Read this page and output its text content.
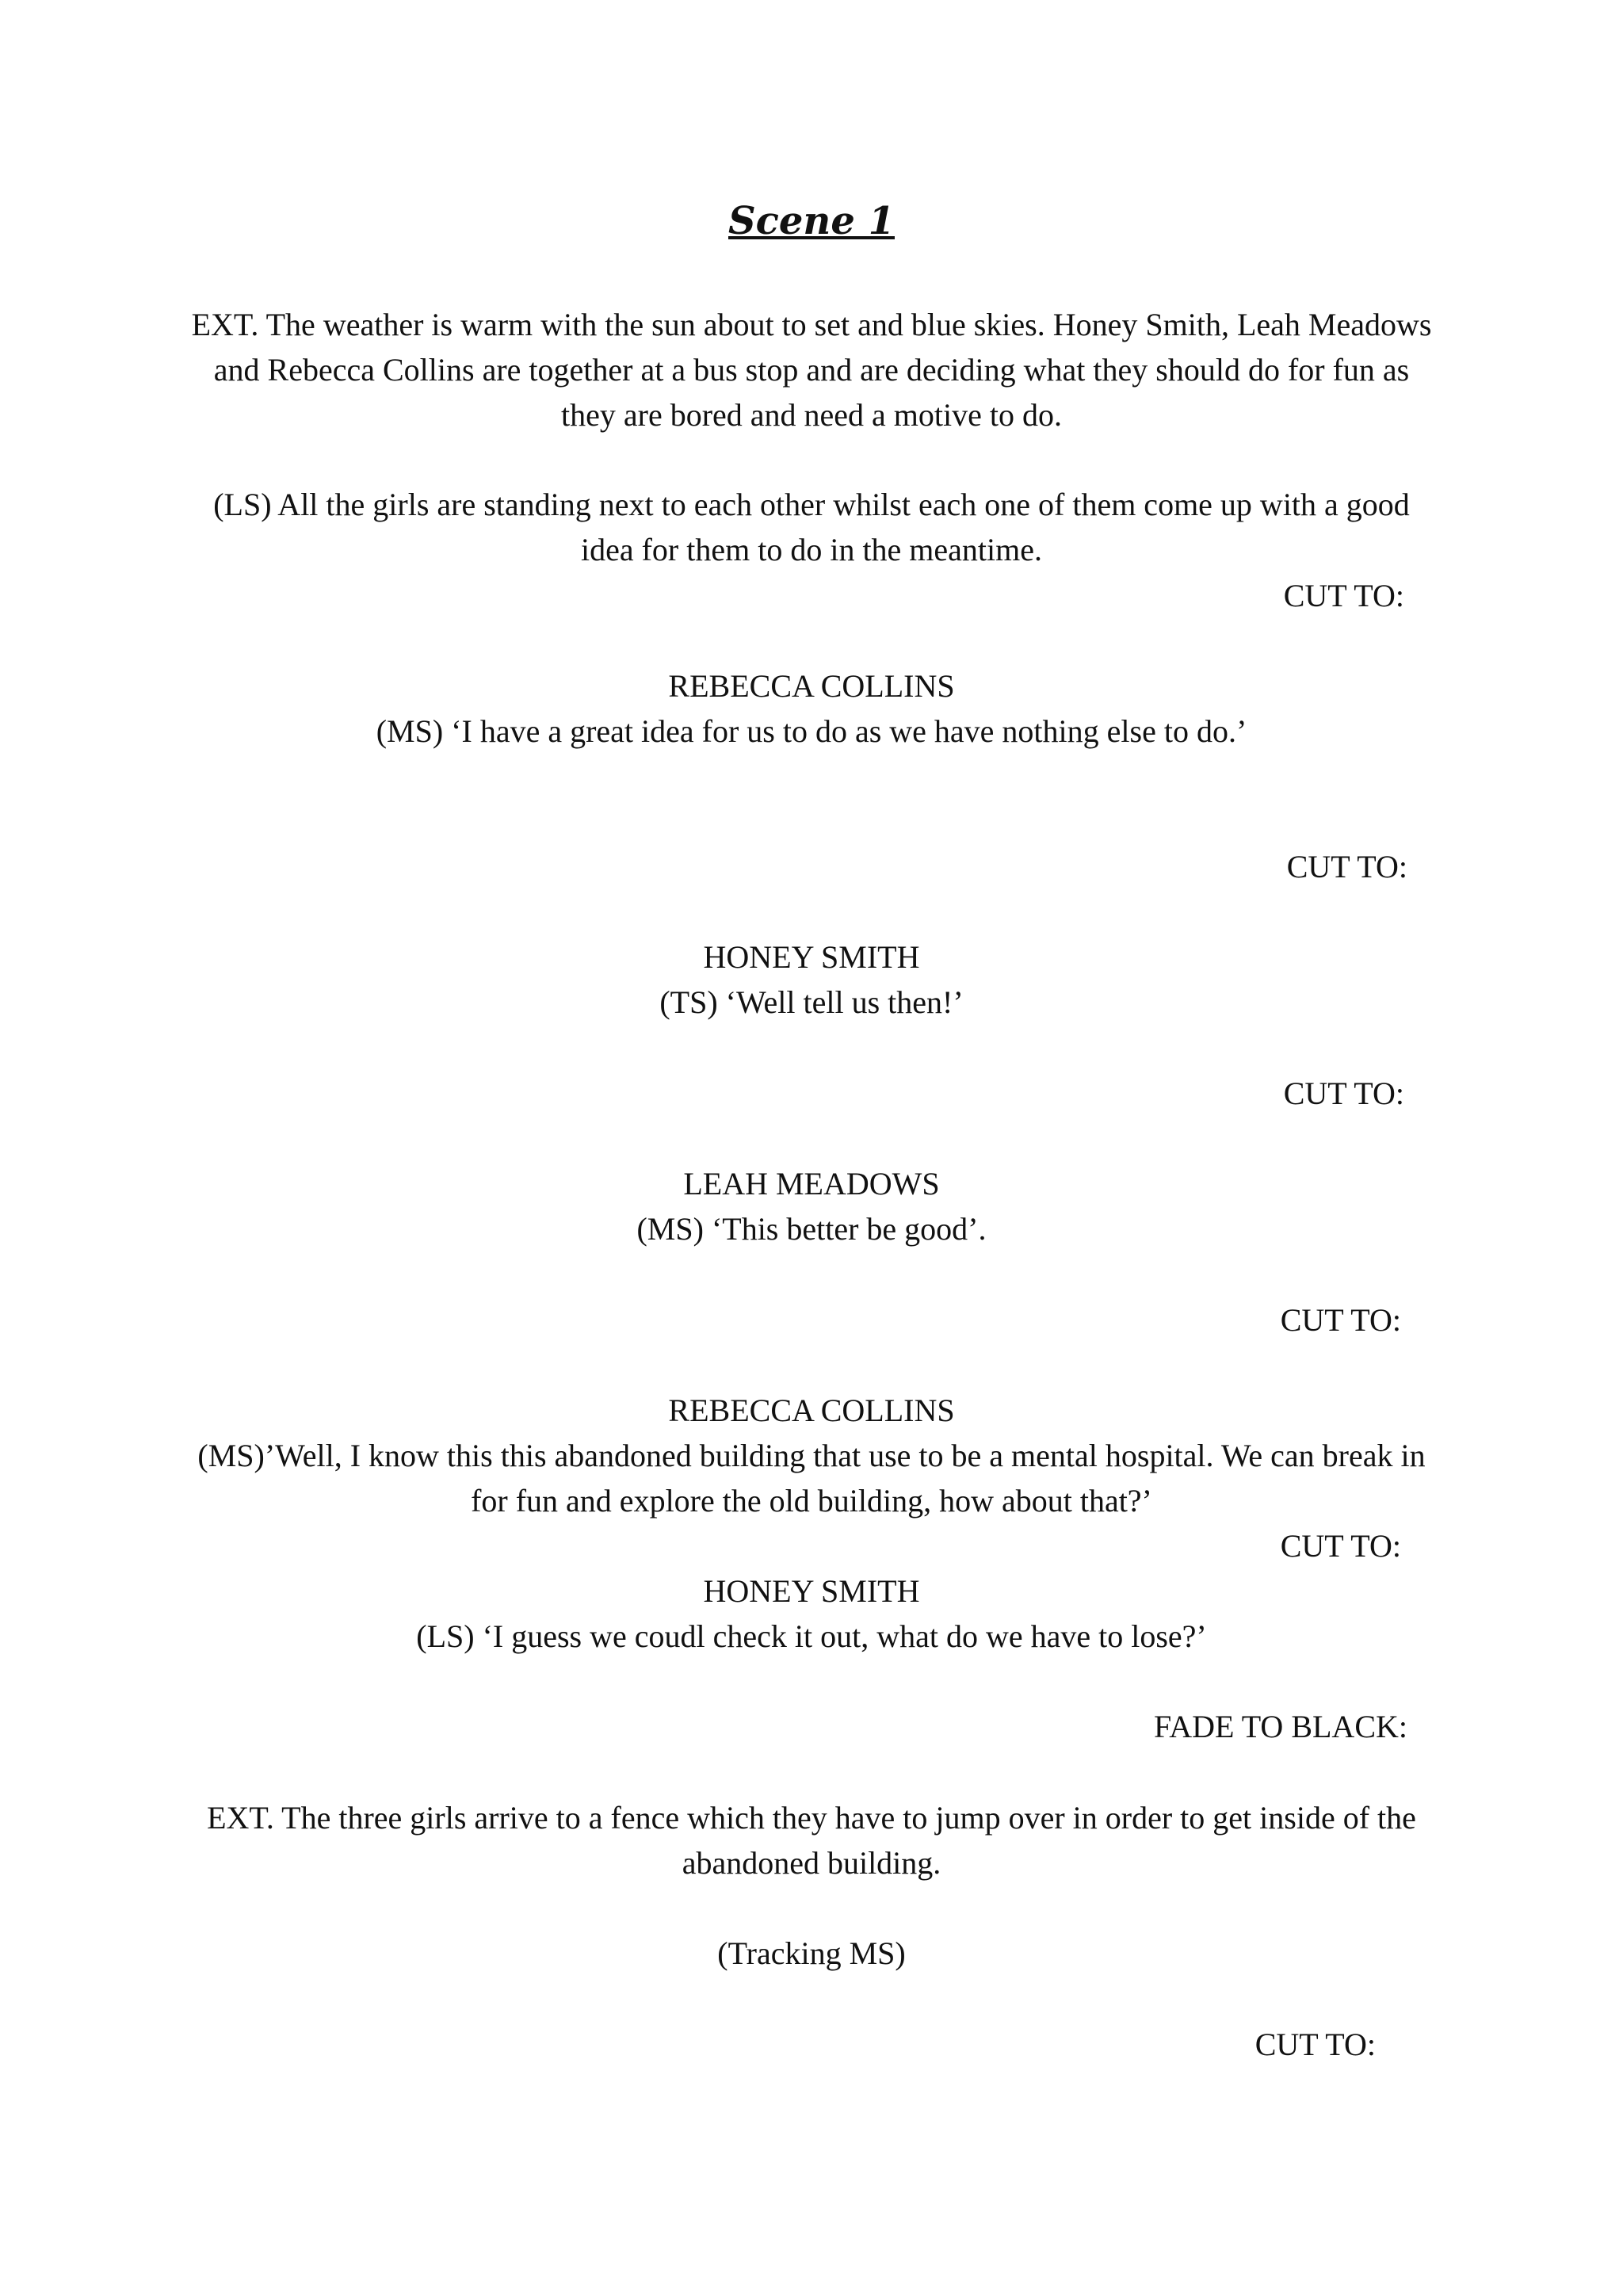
Scene 1

EXT. The weather is warm with the sun about to set and blue skies. Honey Smith, Leah Meadows and Rebecca Collins are together at a bus stop and are deciding what they should do for fun as they are bored and need a motive to do.

(LS) All the girls are standing next to each other whilst each one of them come up with a good idea for them to do in the meantime.

CUT TO:

REBECCA COLLINS

(MS) ‘I have a great idea for us to do as we have nothing else to do.’

CUT TO:

HONEY SMITH

(TS) ‘Well tell us then!’

CUT TO:

LEAH MEADOWS

(MS) ‘This better be good’.

CUT TO:

REBECCA COLLINS

(MS)’Well, I know this this abandoned building that use to be a mental hospital. We can break in for fun and explore the old building, how about that?’

CUT TO:

HONEY SMITH

(LS) ‘I guess we coudl check it out, what do we have to lose?’

FADE TO BLACK:

EXT. The three girls arrive to a fence which they have to jump over in order to get inside of the abandoned building.

(Tracking MS)

CUT TO:
